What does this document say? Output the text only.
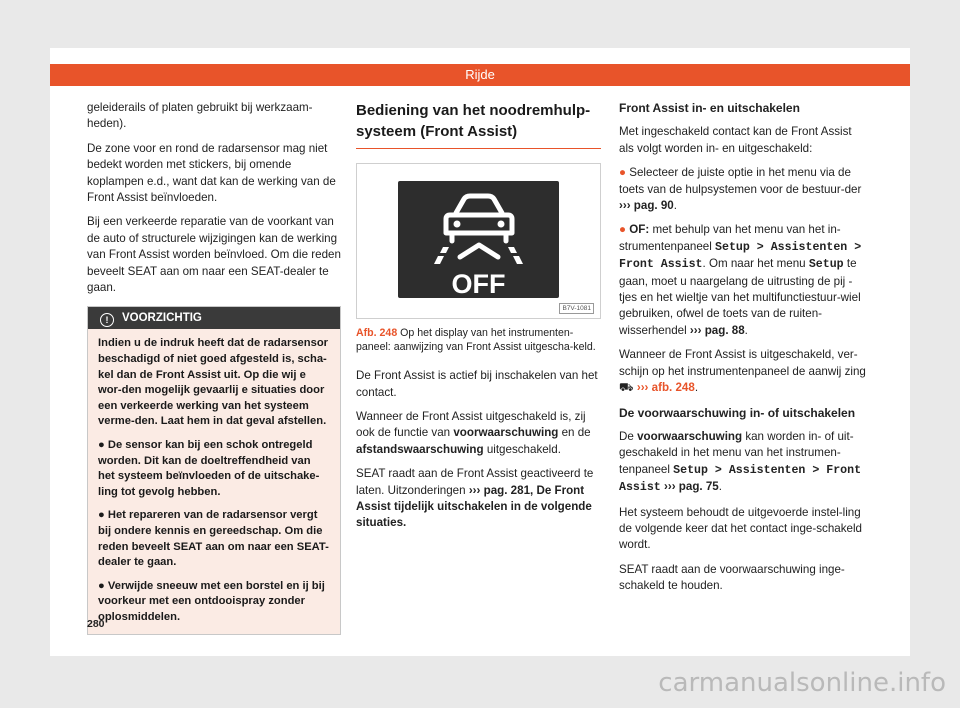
Rijde

geleiderails of platen gebruikt bij werkzaam-heden).

De zone voor en rond de radarsensor mag niet bedekt worden met stickers, bij omende koplampen e.d., want dat kan de werking van de Front Assist beïnvloeden.

Bij een verkeerde reparatie van de voorkant van de auto of structurele wijzigingen kan de werking van Front Assist worden beïnvloed. Om die reden beveelt SEAT aan om naar een SEAT-dealer te gaan.

! VOORZICHTIG

Indien u de indruk heeft dat de radarsensor beschadigd of niet goed afgesteld is, scha-kel dan de Front Assist uit. Op die wij e wor-den mogelijk gevaarlij e situaties door een verkeerde werking van het systeem verme-den. Laat hem in dat geval afstellen.

● De sensor kan bij een schok ontregeld worden. Dit kan de doeltreffendheid van het systeem beïnvloeden of de uitschake-ling tot gevolg hebben.

● Het repareren van de radarsensor vergt bij ondere kennis en gereedschap. Om die reden beveelt SEAT aan om naar een SEAT-dealer te gaan.

● Verwijde sneeuw met een borstel en ij bij voorkeur met een ontdooispray zonder oplosmiddelen.

Bediening van het noodremhulp-systeem (Front Assist)
OFF
B7V-1081
Afb. 248 Op het display van het instrumenten-paneel: aanwijzing van Front Assist uitgescha-keld.

De Front Assist is actief bij inschakelen van het contact.

Wanneer de Front Assist uitgeschakeld is, zij ook de functie van voorwaarschuwing en de afstandswaarschuwing uitgeschakeld.

SEAT raadt aan de Front Assist geactiveerd te laten. Uitzonderingen ››› pag. 281, De Front Assist tijdelijk uitschakelen in de volgende situaties.

Front Assist in- en uitschakelen

Met ingeschakeld contact kan de Front Assist als volgt worden in- en uitgeschakeld:

● Selecteer de juiste optie in het menu via de toets van de hulpsystemen voor de bestuur-der ››› pag. 90.

● OF: met behulp van het menu van het in-strumentenpaneel Setup > Assistenten > Front Assist. Om naar het menu Setup te gaan, moet u naargelang de uitrusting de pij - tjes en het wieltje van het multifunctiestuur-wiel gebruiken, ofwel de toets van de ruiten-wisserhendel ››› pag. 88.

Wanneer de Front Assist is uitgeschakeld, ver-schijn op het instrumentenpaneel de aanwij zing ⛟ ››› afb. 248.

De voorwaarschuwing in- of uitschakelen

De voorwaarschuwing kan worden in- of uit-geschakeld in het menu van het instrumen-tenpaneel Setup > Assistenten > Front Assist ››› pag. 75.

Het systeem behoudt de uitgevoerde instel-ling de volgende keer dat het contact inge-schakeld wordt.

SEAT raadt aan de voorwaarschuwing inge-schakeld te houden.

280
carmanualsonline.info
